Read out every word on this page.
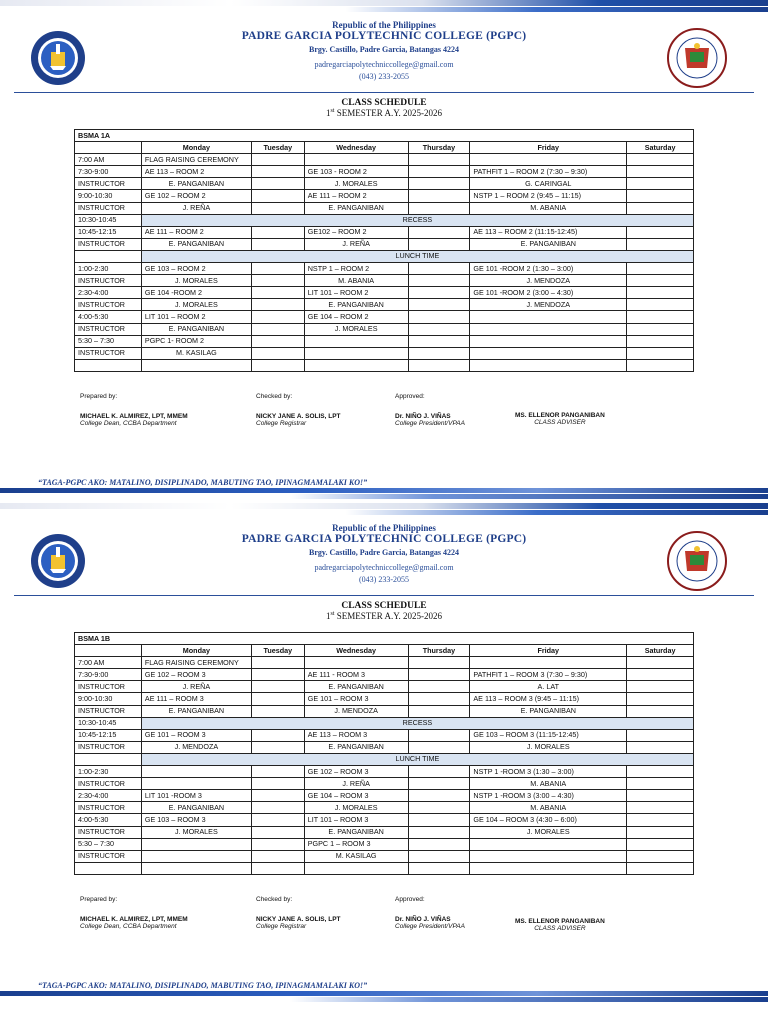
Republic of the Philippines
PADRE GARCIA POLYTECHNIC COLLEGE (PGPC)
Brgy. Castillo, Padre Garcia, Batangas 4224
padregarciapolytechniccollege@gmail.com
(043) 233-2055
CLASS SCHEDULE
1st SEMESTER A.Y. 2025-2026
BSMA 1A						
	Monday	Tuesday	Wednesday	Thursday	Friday	Saturday
7:00 AM	FLAG RAISING CEREMONY					
7:30-9:00	AE 113 – ROOM 2		GE 103 - ROOM 2		PATHFIT 1 – ROOM 2 (7:30 – 9:30)	
INSTRUCTOR	E. PANGANIBAN		J. MORALES		G. CARINGAL	
9:00-10:30	GE 102 – ROOM 2		AE 111 – ROOM 2		NSTP 1 – ROOM 2 (9:45 – 11:15)	
INSTRUCTOR	J. REÑA		E. PANGANIBAN		M. ABANIA	
10:30-10:45	RECESS					
10:45-12:15	AE 111 – ROOM 2		GE102 – ROOM 2		AE 113 – ROOM 2 (11:15-12:45)	
INSTRUCTOR	E. PANGANIBAN		J. REÑA		E. PANGANIBAN	
	LUNCH TIME					
1:00-2:30	GE 103 – ROOM 2		NSTP 1 – ROOM 2		GE 101 -ROOM 2 (1:30 – 3:00)	
INSTRUCTOR	J. MORALES		M. ABANIA		J. MENDOZA	
2:30-4:00	GE 104 -ROOM 2		LIT 101 – ROOM 2		GE 101 -ROOM 2 (3:00 – 4:30)	
INSTRUCTOR	J. MORALES		E. PANGANIBAN		J. MENDOZA	
4:00-5:30	LIT 101 – ROOM 2		GE 104 – ROOM 2			
INSTRUCTOR	E. PANGANIBAN		J. MORALES			
5:30 – 7:30	PGPC 1- ROOM 2					
INSTRUCTOR	M. KASILAG					

Prepared by:
MICHAEL K. ALMIREZ, LPT, MMEM
College Dean, CCBA Department
Checked by:
NICKY JANE A. SOLIS, LPT
College Registrar
Approved:
Dr. NIÑO J. VIÑAS
College President/VPAA
MS. ELLENOR PANGANIBAN
CLASS ADVISER
“TAGA-PGPC AKO: MATALINO, DISIPLINADO, MABUTING TAO, IPINAGMAMALAKI KO!”
Republic of the Philippines
PADRE GARCIA POLYTECHNIC COLLEGE (PGPC)
Brgy. Castillo, Padre Garcia, Batangas 4224
padregarciapolytechniccollege@gmail.com
(043) 233-2055
CLASS SCHEDULE
1st SEMESTER A.Y. 2025-2026
BSMA 1B						
	Monday	Tuesday	Wednesday	Thursday	Friday	Saturday
7:00 AM	FLAG RAISING CEREMONY					
7:30-9:00	GE 102 – ROOM 3		AE 111 - ROOM 3		PATHFIT 1 – ROOM 3 (7:30 – 9:30)	
INSTRUCTOR	J. REÑA		E. PANGANIBAN		A. LAT	
9:00-10:30	AE 111 – ROOM 3		GE 101 – ROOM 3		AE 113 – ROOM 3 (9:45 – 11:15)	
INSTRUCTOR	E. PANGANIBAN		J. MENDOZA		E. PANGANIBAN	
10:30-10:45	RECESS					
10:45-12:15	GE 101 – ROOM 3		AE 113 – ROOM 3		GE 103 – ROOM 3 (11:15-12:45)	
INSTRUCTOR	J. MENDOZA		E. PANGANIBAN		J. MORALES	
	LUNCH TIME					
1:00-2:30			GE 102 – ROOM 3		NSTP 1 -ROOM 3 (1:30 – 3:00)	
INSTRUCTOR			J. REÑA		M. ABANIA	
2:30-4:00	LIT 101 -ROOM 3		GE 104 – ROOM 3		NSTP 1 -ROOM 3 (3:00 – 4:30)	
INSTRUCTOR	E. PANGANIBAN		J. MORALES		M. ABANIA	
4:00-5:30	GE 103 – ROOM 3		LIT 101 – ROOM 3		GE 104 – ROOM 3 (4:30 – 6:00)	
INSTRUCTOR	J. MORALES		E. PANGANIBAN		J. MORALES	
5:30 – 7:30			PGPC 1 – ROOM 3			
INSTRUCTOR			M. KASILAG			

Prepared by:
MICHAEL K. ALMIREZ, LPT, MMEM
College Dean, CCBA Department
Checked by:
NICKY JANE A. SOLIS, LPT
College Registrar
Approved:
Dr. NIÑO J. VIÑAS
College President/VPAA
MS. ELLENOR PANGANIBAN
CLASS ADVISER
“TAGA-PGPC AKO: MATALINO, DISIPLINADO, MABUTING TAO, IPINAGMAMALAKI KO!”
